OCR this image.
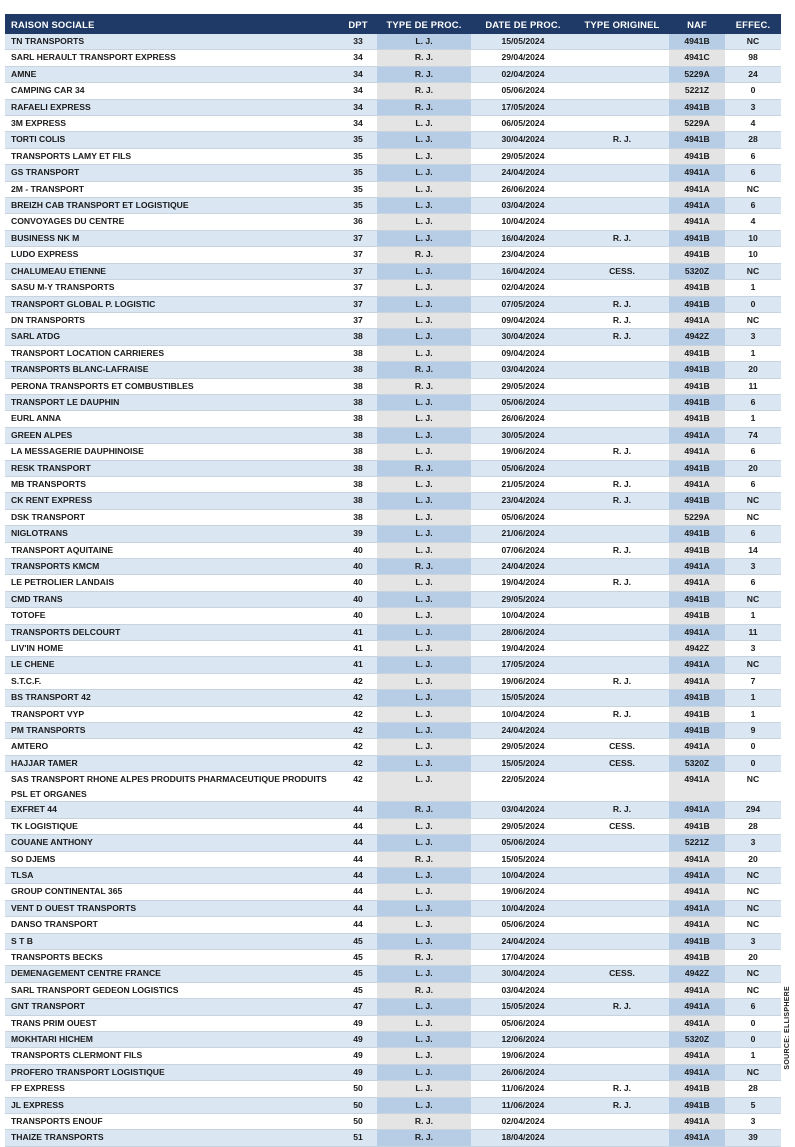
RAISON SOCIALE	DPT	TYPE DE PROC.	DATE DE PROC.	TYPE ORIGINEL	NAF	EFFEC.
TN TRANSPORTS	33	L. J.	15/05/2024		4941B	NC
SARL HERAULT TRANSPORT EXPRESS	34	R. J.	29/04/2024		4941C	98
AMNE	34	R. J.	02/04/2024		5229A	24
CAMPING CAR 34	34	R. J.	05/06/2024		5221Z	0
RAFAELI EXPRESS	34	R. J.	17/05/2024		4941B	3
3M EXPRESS	34	L. J.	06/05/2024		5229A	4
TORTI COLIS	35	L. J.	30/04/2024	R. J.	4941B	28
TRANSPORTS LAMY ET FILS	35	L. J.	29/05/2024		4941B	6
GS TRANSPORT	35	L. J.	24/04/2024		4941A	6
2M - TRANSPORT	35	L. J.	26/06/2024		4941A	NC
BREIZH CAB TRANSPORT ET LOGISTIQUE	35	L. J.	03/04/2024		4941A	6
CONVOYAGES DU CENTRE	36	L. J.	10/04/2024		4941A	4
BUSINESS NK M	37	L. J.	16/04/2024	R. J.	4941B	10
LUDO EXPRESS	37	R. J.	23/04/2024		4941B	10
CHALUMEAU ETIENNE	37	L. J.	16/04/2024	CESS.	5320Z	NC
SASU M-Y TRANSPORTS	37	L. J.	02/04/2024		4941B	1
TRANSPORT GLOBAL P. LOGISTIC	37	L. J.	07/05/2024	R. J.	4941B	0
DN TRANSPORTS	37	L. J.	09/04/2024	R. J.	4941A	NC
SARL ATDG	38	L. J.	30/04/2024	R. J.	4942Z	3
TRANSPORT LOCATION CARRIERES	38	L. J.	09/04/2024		4941B	1
TRANSPORTS BLANC-LAFRAISE	38	R. J.	03/04/2024		4941B	20
PERONA TRANSPORTS ET COMBUSTIBLES	38	R. J.	29/05/2024		4941B	11
TRANSPORT LE DAUPHIN	38	L. J.	05/06/2024		4941B	6
EURL ANNA	38	L. J.	26/06/2024		4941B	1
GREEN ALPES	38	L. J.	30/05/2024		4941A	74
LA MESSAGERIE DAUPHINOISE	38	L. J.	19/06/2024	R. J.	4941A	6
RESK TRANSPORT	38	R. J.	05/06/2024		4941B	20
MB TRANSPORTS	38	L. J.	21/05/2024	R. J.	4941A	6
CK RENT EXPRESS	38	L. J.	23/04/2024	R. J.	4941B	NC
DSK TRANSPORT	38	L. J.	05/06/2024		5229A	NC
NIGLOTRANS	39	L. J.	21/06/2024		4941B	6
TRANSPORT AQUITAINE	40	L. J.	07/06/2024	R. J.	4941B	14
TRANSPORTS KMCM	40	R. J.	24/04/2024		4941A	3
LE PETROLIER LANDAIS	40	L. J.	19/04/2024	R. J.	4941A	6
CMD TRANS	40	L. J.	29/05/2024		4941B	NC
TOTOFE	40	L. J.	10/04/2024		4941B	1
TRANSPORTS DELCOURT	41	L. J.	28/06/2024		4941A	11
LIV'IN HOME	41	L. J.	19/04/2024		4942Z	3
LE CHENE	41	L. J.	17/05/2024		4941A	NC
S.T.C.F.	42	L. J.	19/06/2024	R. J.	4941A	7
BS TRANSPORT 42	42	L. J.	15/05/2024		4941B	1
TRANSPORT VYP	42	L. J.	10/04/2024	R. J.	4941B	1
PM TRANSPORTS	42	L. J.	24/04/2024		4941B	9
AMTERO	42	L. J.	29/05/2024	CESS.	4941A	0
HAJJAR TAMER	42	L. J.	15/05/2024	CESS.	5320Z	0
SAS TRANSPORT RHONE ALPES PRODUITS PHARMACEUTIQUE PRODUITS PSL ET ORGANES	42	L. J.	22/05/2024		4941A	NC
EXFRET 44	44	R. J.	03/04/2024	R. J.	4941A	294
TK LOGISTIQUE	44	L. J.	29/05/2024	CESS.	4941B	28
COUANE ANTHONY	44	L. J.	05/06/2024		5221Z	3
SO DJEMS	44	R. J.	15/05/2024		4941A	20
TLSA	44	L. J.	10/04/2024		4941A	NC
GROUP CONTINENTAL 365	44	L. J.	19/06/2024		4941A	NC
VENT D OUEST TRANSPORTS	44	L. J.	10/04/2024		4941A	NC
DANSO TRANSPORT	44	L. J.	05/06/2024		4941A	NC
S T B	45	L. J.	24/04/2024		4941B	3
TRANSPORTS BECKS	45	R. J.	17/04/2024		4941B	20
DEMENAGEMENT CENTRE FRANCE	45	L. J.	30/04/2024	CESS.	4942Z	NC
SARL TRANSPORT GEDEON LOGISTICS	45	R. J.	03/04/2024		4941A	NC
GNT TRANSPORT	47	L. J.	15/05/2024	R. J.	4941A	6
TRANS PRIM OUEST	49	L. J.	05/06/2024		4941A	0
MOKHTARI HICHEM	49	L. J.	12/06/2024		5320Z	0
TRANSPORTS CLERMONT FILS	49	L. J.	19/06/2024		4941A	1
PROFERO TRANSPORT LOGISTIQUE	49	L. J.	26/06/2024		4941A	NC
FP EXPRESS	50	L. J.	11/06/2024	R. J.	4941B	28
JL EXPRESS	50	L. J.	11/06/2024	R. J.	4941B	5
TRANSPORTS ENOUF	50	R. J.	02/04/2024		4941A	3
THAIZE TRANSPORTS	51	R. J.	18/04/2024		4941A	39
SOURCE: ELLISPHERE
